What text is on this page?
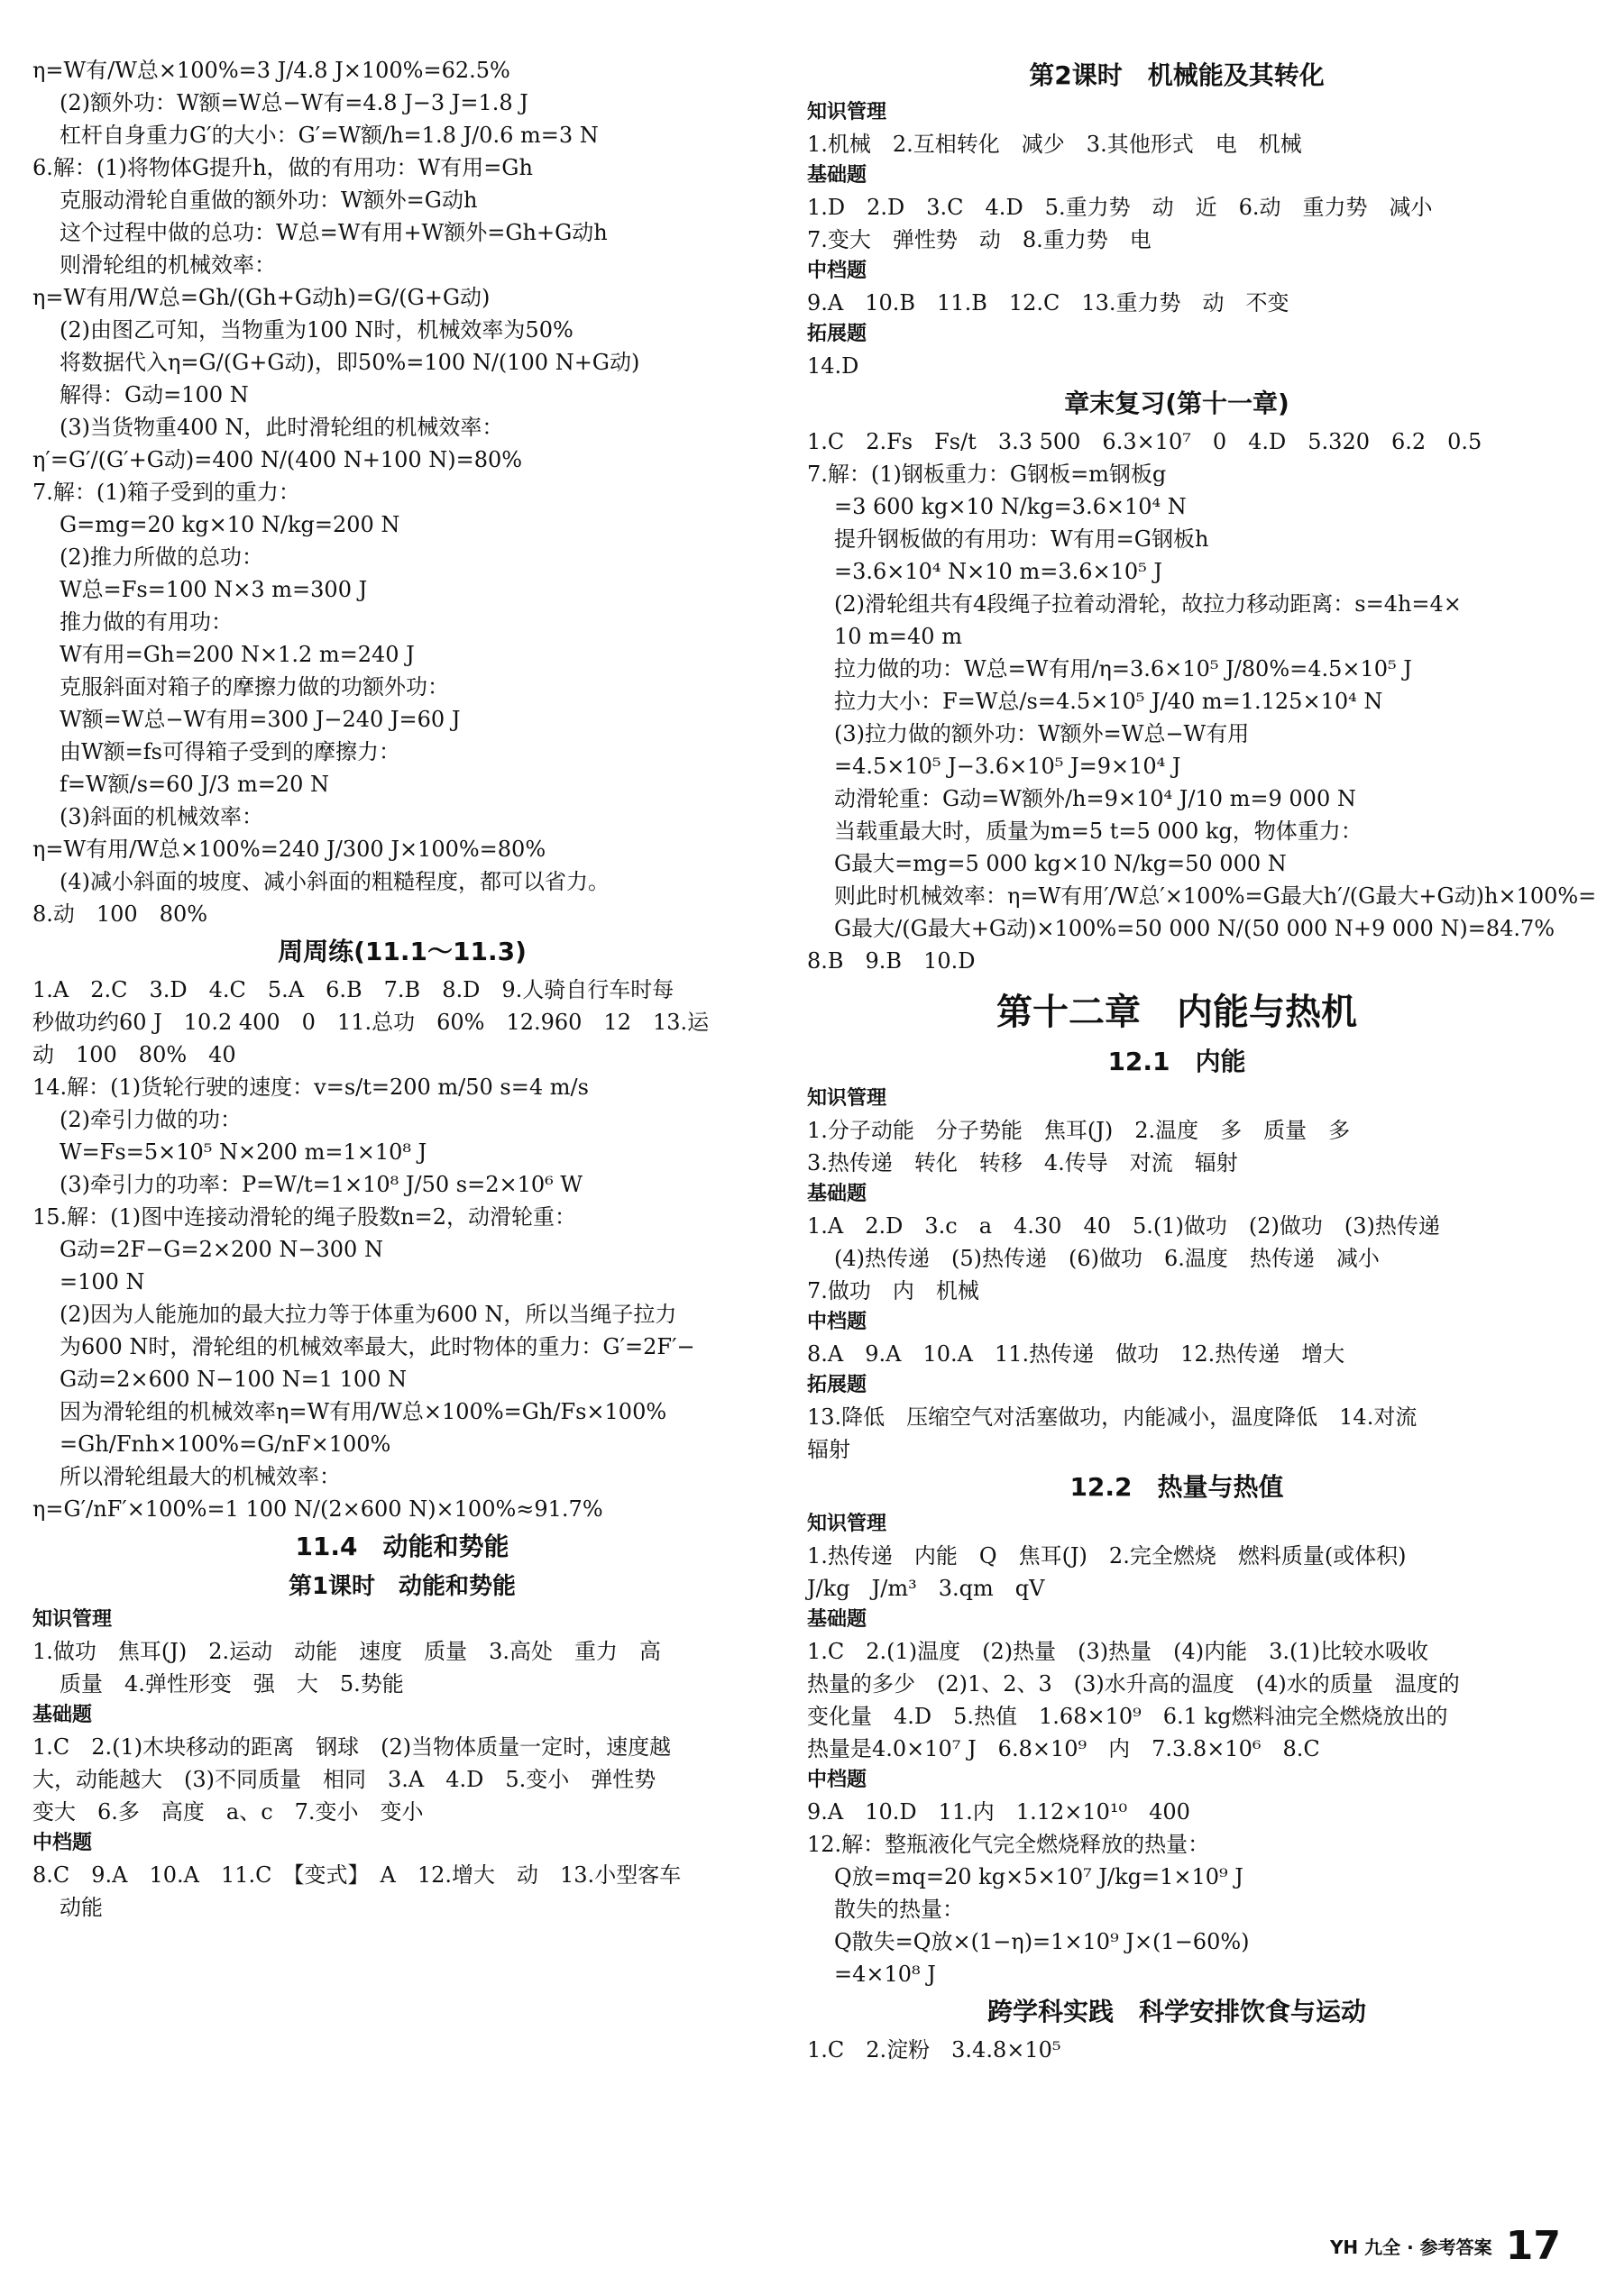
η=W有/W总×100%=3 J/4.8 J×100%=62.5%
(2)额外功：W额=W总−W有=4.8 J−3 J=1.8 J
杠杆自身重力G′的大小：G′=W额/h=1.8 J/0.6 m=3 N
6.解：(1)将物体G提升h，做的有用功：W有用=Gh
克服动滑轮自重做的额外功：W额外=G动h
这个过程中做的总功：W总=W有用+W额外=Gh+G动h
则滑轮组的机械效率：
η=W有用/W总=Gh/(Gh+G动h)=G/(G+G动)
(2)由图乙可知，当物重为100 N时，机械效率为50%
将数据代入η=G/(G+G动)，即50%=100 N/(100 N+G动)
解得：G动=100 N
(3)当货物重400 N，此时滑轮组的机械效率：
η′=G′/(G′+G动)=400 N/(400 N+100 N)=80%
7.解：(1)箱子受到的重力：
G=mg=20 kg×10 N/kg=200 N
(2)推力所做的总功：
W总=Fs=100 N×3 m=300 J
推力做的有用功：
W有用=Gh=200 N×1.2 m=240 J
克服斜面对箱子的摩擦力做的功额外功：
W额=W总−W有用=300 J−240 J=60 J
由W额=fs可得箱子受到的摩擦力：
f=W额/s=60 J/3 m=20 N
(3)斜面的机械效率：
η=W有用/W总×100%=240 J/300 J×100%=80%
(4)减小斜面的坡度、减小斜面的粗糙程度，都可以省力。
8.动　100　80%
周周练(11.1～11.3)
1.A　2.C　3.D　4.C　5.A　6.B　7.B　8.D　9.人骑自行车时每
秒做功约60 J　10.2 400　0　11.总功　60%　12.960　12　13.运
动　100　80%　40
14.解：(1)货轮行驶的速度：v=s/t=200 m/50 s=4 m/s
(2)牵引力做的功：
W=Fs=5×10⁵ N×200 m=1×10⁸ J
(3)牵引力的功率：P=W/t=1×10⁸ J/50 s=2×10⁶ W
15.解：(1)图中连接动滑轮的绳子股数n=2，动滑轮重：
G动=2F−G=2×200 N−300 N
=100 N
(2)因为人能施加的最大拉力等于体重为600 N，所以当绳子拉力
为600 N时，滑轮组的机械效率最大，此时物体的重力：G′=2F′−
G动=2×600 N−100 N=1 100 N
因为滑轮组的机械效率η=W有用/W总×100%=Gh/Fs×100%
=Gh/Fnh×100%=G/nF×100%
所以滑轮组最大的机械效率：
η=G′/nF′×100%=1 100 N/(2×600 N)×100%≈91.7%
11.4　动能和势能
第1课时　动能和势能
知识管理
1.做功　焦耳(J)　2.运动　动能　速度　质量　3.高处　重力　高
质量　4.弹性形变　强　大　5.势能
基础题
1.C　2.(1)木块移动的距离　钢球　(2)当物体质量一定时，速度越
大，动能越大　(3)不同质量　相同　3.A　4.D　5.变小　弹性势
变大　6.多　高度　a、c　7.变小　变小
中档题
8.C　9.A　10.A　11.C　【变式】　A　12.增大　动　13.小型客车
动能
第2课时　机械能及其转化
知识管理
1.机械　2.互相转化　减少　3.其他形式　电　机械
基础题
1.D　2.D　3.C　4.D　5.重力势　动　近　6.动　重力势　减小
7.变大　弹性势　动　8.重力势　电
中档题
9.A　10.B　11.B　12.C　13.重力势　动　不变
拓展题
14.D
章末复习(第十一章)
1.C　2.Fs　Fs/t　3.3 500　6.3×10⁷　0　4.D　5.320　6.2　0.5
7.解：(1)钢板重力：G钢板=m钢板g
=3 600 kg×10 N/kg=3.6×10⁴ N
提升钢板做的有用功：W有用=G钢板h
=3.6×10⁴ N×10 m=3.6×10⁵ J
(2)滑轮组共有4段绳子拉着动滑轮，故拉力移动距离：s=4h=4×
10 m=40 m
拉力做的功：W总=W有用/η=3.6×10⁵ J/80%=4.5×10⁵ J
拉力大小：F=W总/s=4.5×10⁵ J/40 m=1.125×10⁴ N
(3)拉力做的额外功：W额外=W总−W有用
=4.5×10⁵ J−3.6×10⁵ J=9×10⁴ J
动滑轮重：G动=W额外/h=9×10⁴ J/10 m=9 000 N
当载重最大时，质量为m=5 t=5 000 kg，物体重力：
G最大=mg=5 000 kg×10 N/kg=50 000 N
则此时机械效率：η=W有用′/W总′×100%=G最大h′/(G最大+G动)h×100%=
G最大/(G最大+G动)×100%=50 000 N/(50 000 N+9 000 N)=84.7%
8.B　9.B　10.D
第十二章　内能与热机
12.1　内能
知识管理
1.分子动能　分子势能　焦耳(J)　2.温度　多　质量　多
3.热传递　转化　转移　4.传导　对流　辐射
基础题
1.A　2.D　3.c　a　4.30　40　5.(1)做功　(2)做功　(3)热传递
(4)热传递　(5)热传递　(6)做功　6.温度　热传递　减小
7.做功　内　机械
中档题
8.A　9.A　10.A　11.热传递　做功　12.热传递　增大
拓展题
13.降低　压缩空气对活塞做功，内能减小，温度降低　14.对流
辐射
12.2　热量与热值
知识管理
1.热传递　内能　Q　焦耳(J)　2.完全燃烧　燃料质量(或体积)
J/kg　J/m³　3.qm　qV
基础题
1.C　2.(1)温度　(2)热量　(3)热量　(4)内能　3.(1)比较水吸收
热量的多少　(2)1、2、3　(3)水升高的温度　(4)水的质量　温度的
变化量　4.D　5.热值　1.68×10⁹　6.1 kg燃料油完全燃烧放出的
热量是4.0×10⁷ J　6.8×10⁹　内　7.3.8×10⁶　8.C
中档题
9.A　10.D　11.内　1.12×10¹⁰　400
12.解：整瓶液化气完全燃烧释放的热量：
Q放=mq=20 kg×5×10⁷ J/kg=1×10⁹ J
散失的热量：
Q散失=Q放×(1−η)=1×10⁹ J×(1−60%)
=4×10⁸ J
跨学科实践　科学安排饮食与运动
1.C　2.淀粉　3.4.8×10⁵
YH 九全 · 参考答案 17
